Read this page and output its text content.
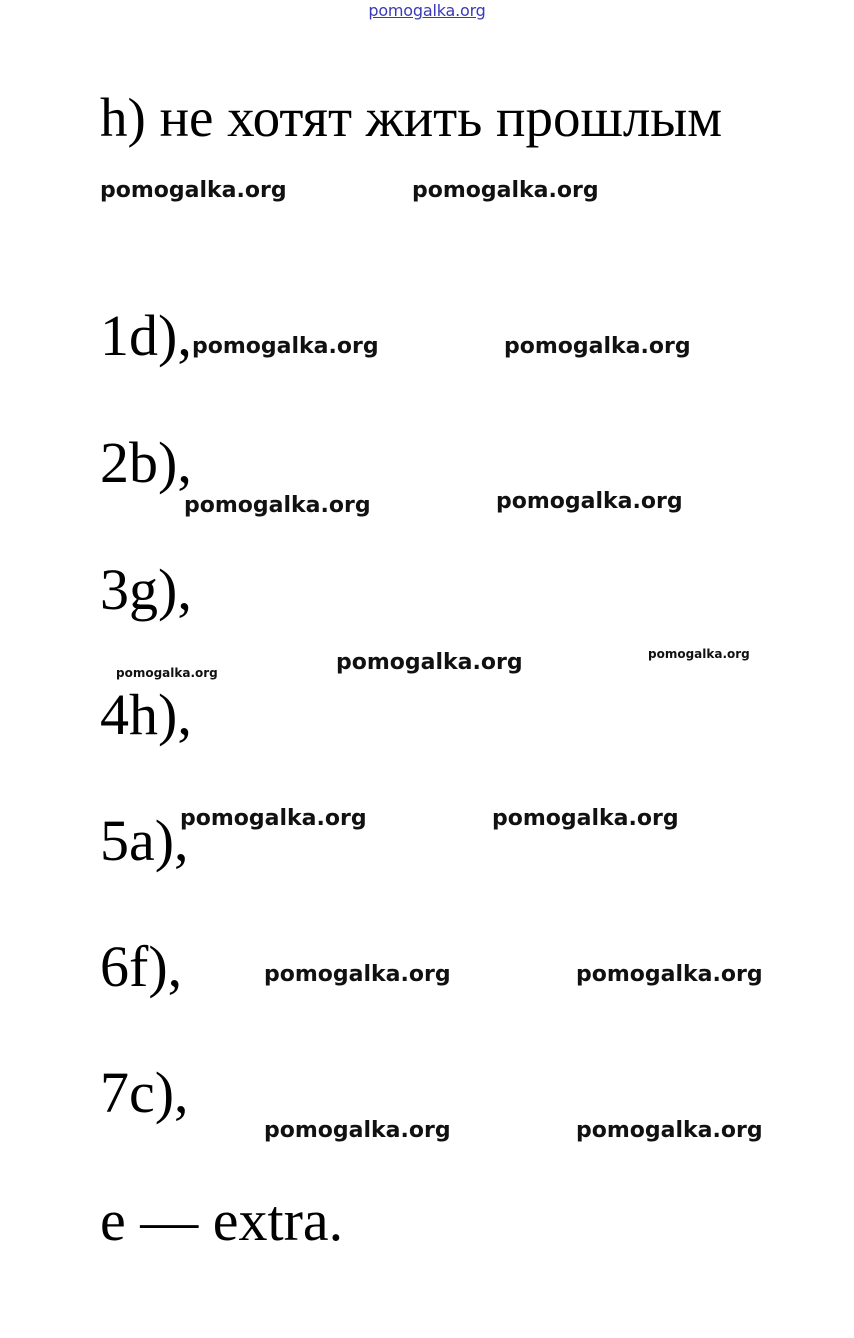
pomogalka.org
h) не хотят жить прошлым
1d),
2b),
3g),
4h),
5a),
6f),
7c),
e — extra.
pomogalka.org	pomogalka.org
pomogalka.org	pomogalka.org
pomogalka.org	pomogalka.org
pomogalka.org	pomogalka.org	pomogalka.org
pomogalka.org	pomogalka.org
pomogalka.org	pomogalka.org
pomogalka.org	pomogalka.org
